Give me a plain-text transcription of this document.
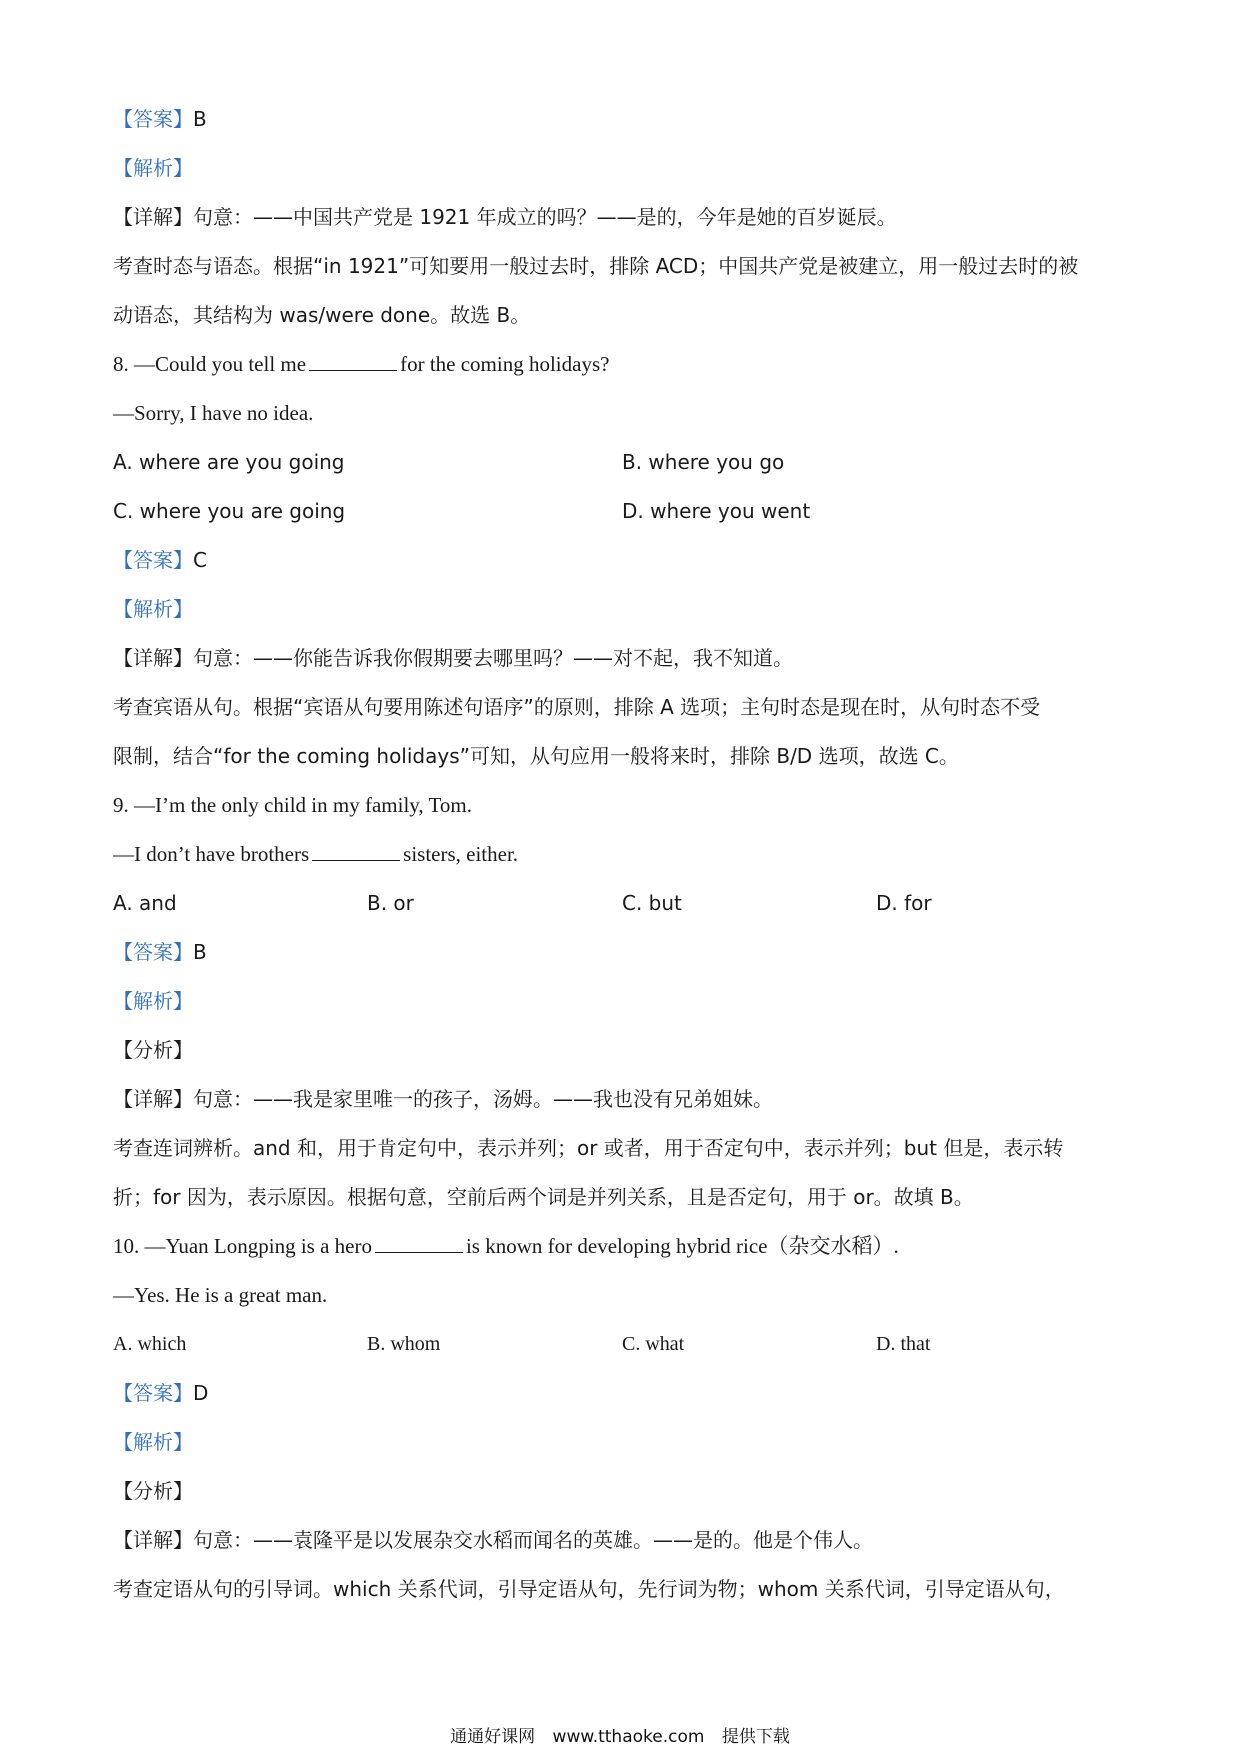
【答案】B
【解析】
【详解】句意：——中国共产党是 1921 年成立的吗？——是的，今年是她的百岁诞辰。
考查时态与语态。根据“in 1921”可知要用一般过去时，排除 ACD；中国共产党是被建立，用一般过去时的被
动语态，其结构为 was/were done。故选 B。
8. —Could you tell me	for the coming holidays?
—Sorry, I have no idea.
A. where are you going	B. where you go
C. where you are going	D. where you went
【答案】C
【解析】
【详解】句意：——你能告诉我你假期要去哪里吗？——对不起，我不知道。
考查宾语从句。根据“宾语从句要用陈述句语序”的原则，排除 A 选项；主句时态是现在时，从句时态不受
限制，结合“for the coming holidays”可知，从句应用一般将来时，排除 B/D 选项，故选 C。
9. —I’m the only child in my family, Tom.
—I don’t have brothers	sisters, either.
A. and	B. or	C. but	D. for
【答案】B
【解析】
【分析】
【详解】句意：——我是家里唯一的孩子，汤姆。——我也没有兄弟姐妹。
考查连词辨析。and 和，用于肯定句中，表示并列；or 或者，用于否定句中，表示并列；but 但是，表示转
折；for 因为，表示原因。根据句意，空前后两个词是并列关系，且是否定句，用于 or。故填 B。
10. —Yuan Longping is a hero	is known for developing hybrid rice（杂交水稻）.
—Yes. He is a great man.
A. which	B. whom	C. what	D. that
【答案】D
【解析】
【分析】
【详解】句意：——袁隆平是以发展杂交水稻而闻名的英雄。——是的。他是个伟人。
考查定语从句的引导词。which 关系代词，引导定语从句，先行词为物；whom 关系代词，引导定语从句，
通通好课网 www.tthaoke.com 提供下载
